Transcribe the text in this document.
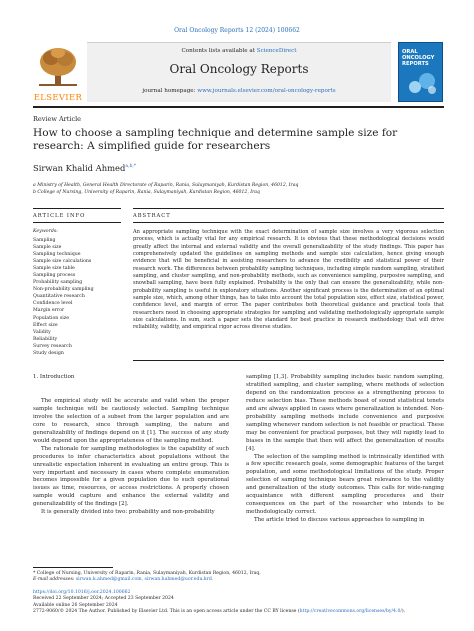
Oral Oncology Reports 12 (2024) 100662
ELSEVIER
Contents lists available at ScienceDirect
Oral Oncology Reports
journal homepage: www.journals.elsevier.com/oral-oncology-reports
ORAL ONCOLOGY REPORTS
Review Article
How to choose a sampling technique and determine sample size for research: A simplified guide for researchers
Sirwan Khalid Ahmed$^{a,b,*}$
a Ministry of Health, General Health Directorate of Raparin, Rania, Sulaymaniyah, Kurdistan Region, 46012, Iraq
b College of Nursing, University of Raparin, Rania, Sulaymaniyah, Kurdistan Region, 46012, Iraq
ARTICLE INFO	ABSTRACT
Keywords:
Sampling
Sample size
Sampling technique
Sample size calculations
Sample size table
Sampling process
Probability sampling
Non-probability sampling
Quantitative research
Confidence level
Margin error
Population size
Effect size
Validity
Reliability
Survey research
Study design
An appropriate sampling technique with the exact determination of sample size involves a very vigorous selection process, which is actually vital for any empirical research. It is obvious that these methodological decisions would greatly affect the internal and external validity and the overall generalizability of the study findings. This paper has comprehensively updated the guidelines on sampling methods and sample size calculation, hence giving enough evidence that will be beneficial in assisting researchers to advance the credibility and statistical power of their research work. The differences between probability sampling techniques, including simple random sampling, stratified sampling, and cluster sampling, and non-probability methods, such as convenience sampling, purposive sampling, and snowball sampling, have been fully explained. Probability is the only that can ensure the generalizability, while non-probability sampling is useful in exploratory situations. Another significant process is the determination of an optimal sample size, which, among other things, has to take into account the total population size, effect size, statistical power, confidence level, and margin of error. The paper contributes both theoretical guidance and practical tools that researchers need in choosing appropriate strategies for sampling and validating methodologically appropriate sample size calculations. In sum, such a paper sets the standard for best practice in research methodology that will drive reliability, validity, and empirical rigor across diverse studies.

1. Introduction

The empirical study will be accurate and valid when the proper sample technique will be cautiously selected. Sampling technique involve the selection of a subset from the larger population and are core to research, since through sampling, the nature and generalizability of findings depend on it [1]. The success of any study would depend upon the appropriateness of the sampling method.

The rationale for sampling methodologies is the capability of such procedures to infer characteristics about populations without the unrealistic expectation inherent in evaluating an entire group. This is very important and necessary in cases where complete enumeration becomes impossible for a given population due to such operational issues as time, resources, or access restrictions. A properly chosen sample would capture and enhance the external validity and generalizability of the findings [2].

It is generally divided into two: probability and non-probability

sampling [1,3]. Probability sampling includes basic random sampling, stratified sampling, and cluster sampling, where methods of selection depend on the randomization process as a strengthening process to reduce selection bias. These methods boast of sound statistical tenets and are always applied in cases where generalization is intended. Non-probability sampling methods include convenience and purposive sampling whenever random selection is not feasible or practical. These may be convenient for practical purposes, but they will rapidly lead to biases in the sample that then will affect the generalization of results [4].

The selection of the sampling method is intrinsically identified with a few specific research goals, some demographic features of the target population, and some methodological limitations of the study. Proper selection of sampling technique bears great relevance to the validity and generalization of the study outcomes. This calls for wide-ranging acquaintance with different sampling procedures and their consequences on the part of the researcher who intends to be methodologically correct.

The article tried to discuss various approaches to sampling in

* College of Nursing, University of Raparin, Rania, Sulaymaniyah, Kurdistan Region, 46012, Iraq.
E-mail addresses: sirwan.k.ahmed@gmail.com, sirwan.hahmed@uor.edu.krd.
https://doi.org/10.1016/j.oor.2024.100662
Received 22 September 2024; Accepted 23 September 2024
Available online 26 September 2024
2772-9060/© 2024 The Author. Published by Elsevier Ltd. This is an open access article under the CC BY license (http://creativecommons.org/licenses/by/4.0/).
